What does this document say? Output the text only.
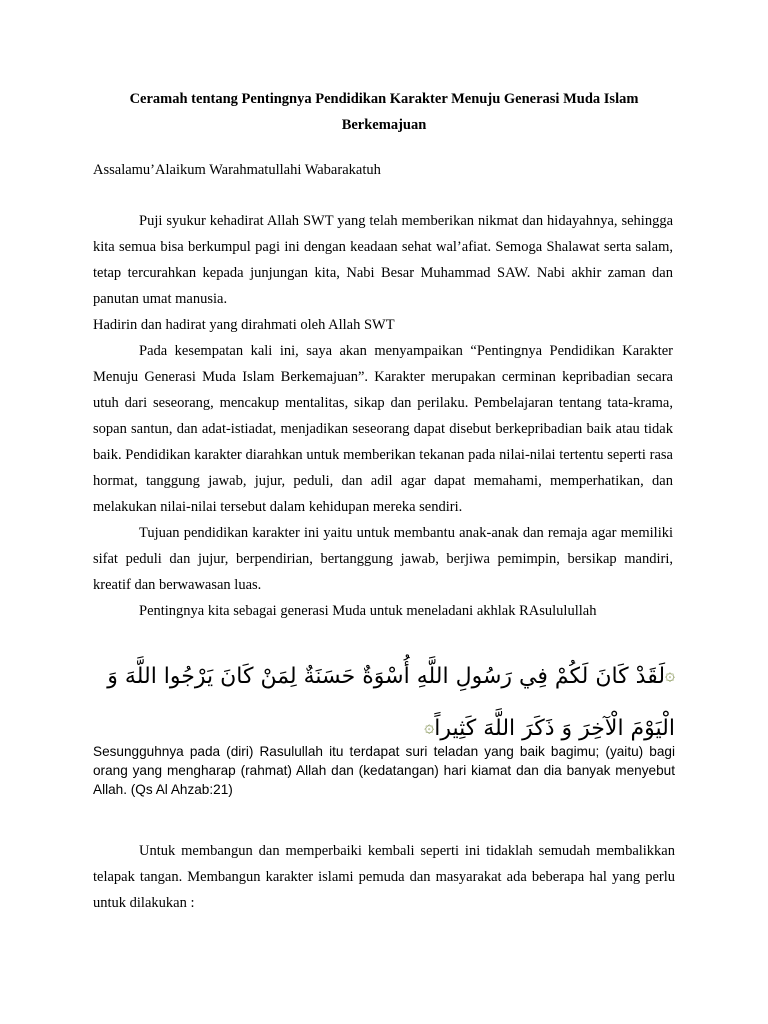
Ceramah tentang Pentingnya Pendidikan Karakter Menuju Generasi Muda Islam Berkemajuan
Assalamu’Alaikum Warahmatullahi Wabarakatuh

Puji syukur kehadirat Allah SWT yang telah memberikan nikmat dan hidayahnya, sehingga kita semua bisa berkumpul pagi ini dengan keadaan sehat wal’afiat. Semoga Shalawat serta salam, tetap tercurahkan kepada junjungan kita, Nabi Besar Muhammad SAW. Nabi akhir zaman dan panutan umat manusia.

Hadirin dan hadirat yang dirahmati oleh Allah SWT

Pada kesempatan kali ini, saya akan menyampaikan “Pentingnya Pendidikan Karakter Menuju Generasi Muda Islam Berkemajuan”. Karakter merupakan cerminan kepribadian secara utuh dari seseorang, mencakup mentalitas, sikap dan perilaku. Pembelajaran tentang tata-krama, sopan santun, dan adat-istiadat, menjadikan seseorang dapat disebut berkepribadian baik atau tidak baik. Pendidikan karakter diarahkan untuk memberikan tekanan pada nilai-nilai tertentu seperti rasa hormat, tanggung jawab, jujur, peduli, dan adil agar dapat memahami, memperhatikan, dan melakukan nilai-nilai tersebut dalam kehidupan mereka sendiri.

Tujuan pendidikan karakter ini yaitu untuk membantu anak-anak dan remaja agar memiliki sifat peduli dan jujur, berpendirian, bertanggung jawab, berjiwa pemimpin, bersikap mandiri, kreatif dan berwawasan luas.

Pentingnya kita sebagai generasi Muda untuk meneladani akhlak RAsululullah

۞لَقَدْ كَانَ لَكُمْ فِي رَسُولِ اللَّهِ أُسْوَةٌ حَسَنَةٌ لِمَنْ كَانَ يَرْجُوا اللَّهَ وَ الْيَوْمَ الْآخِرَ وَ ذَكَرَ اللَّهَ كَثِيراً۞
Sesungguhnya pada (diri) Rasulullah itu terdapat suri teladan yang baik bagimu; (yaitu) bagi orang yang mengharap (rahmat) Allah dan (kedatangan) hari kiamat dan dia banyak menyebut Allah. (Qs Al Ahzab:21)

Untuk membangun dan memperbaiki kembali seperti ini tidaklah semudah membalikkan telapak tangan. Membangun karakter islami pemuda dan masyarakat ada beberapa hal yang perlu untuk dilakukan :
